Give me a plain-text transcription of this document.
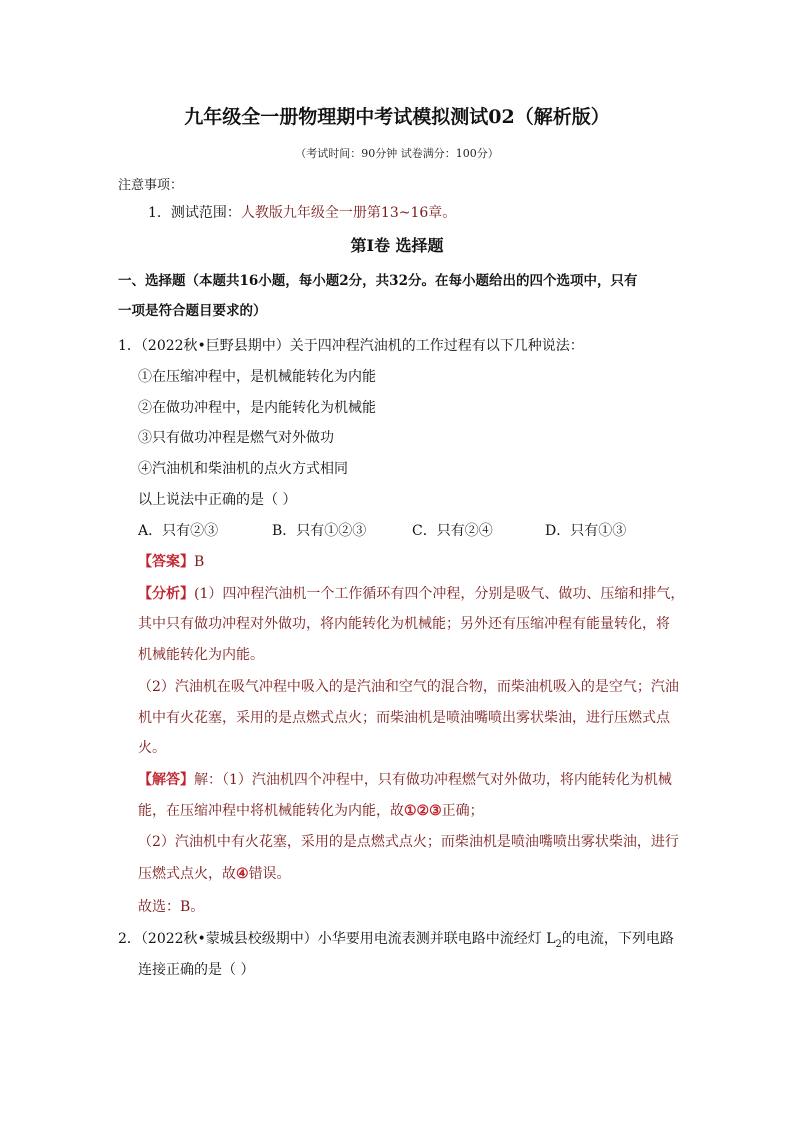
九年级全一册物理期中考试模拟测试02（解析版）
（考试时间：90分钟 试卷满分：100分）
注意事项：
1．测试范围：人教版九年级全一册第13~16章。
第Ⅰ卷 选择题
一、选择题（本题共16小题，每小题2分，共32分。在每小题给出的四个选项中，只有
一项是符合题目要求的）
1．（2022秋•巨野县期中）关于四冲程汽油机的工作过程有以下几种说法：
①在压缩冲程中，是机械能转化为内能
②在做功冲程中，是内能转化为机械能
③只有做功冲程是燃气对外做功
④汽油机和柴油机的点火方式相同
以上说法中正确的是（ ）
A．只有②③	B．只有①②③	C．只有②④	D．只有①③
【答案】B
【分析】(1）四冲程汽油机一个工作循环有四个冲程，分别是吸气、做功、压缩和排气，
其中只有做功冲程对外做功，将内能转化为机械能；另外还有压缩冲程有能量转化，将
机械能转化为内能。
（2）汽油机在吸气冲程中吸入的是汽油和空气的混合物，而柴油机吸入的是空气；汽油
机中有火花塞，采用的是点燃式点火；而柴油机是喷油嘴喷出雾状柴油，进行压燃式点
火。
【解答】解：（1）汽油机四个冲程中，只有做功冲程燃气对外做功，将内能转化为机械
能，在压缩冲程中将机械能转化为内能，故①②③正确；
（2）汽油机中有火花塞，采用的是点燃式点火；而柴油机是喷油嘴喷出雾状柴油，进行
压燃式点火，故④错误。
故选：B。
2．（2022秋•蒙城县校级期中）小华要用电流表测并联电路中流经灯 $L_2$的电流，下列电路
连接正确的是（ ）
